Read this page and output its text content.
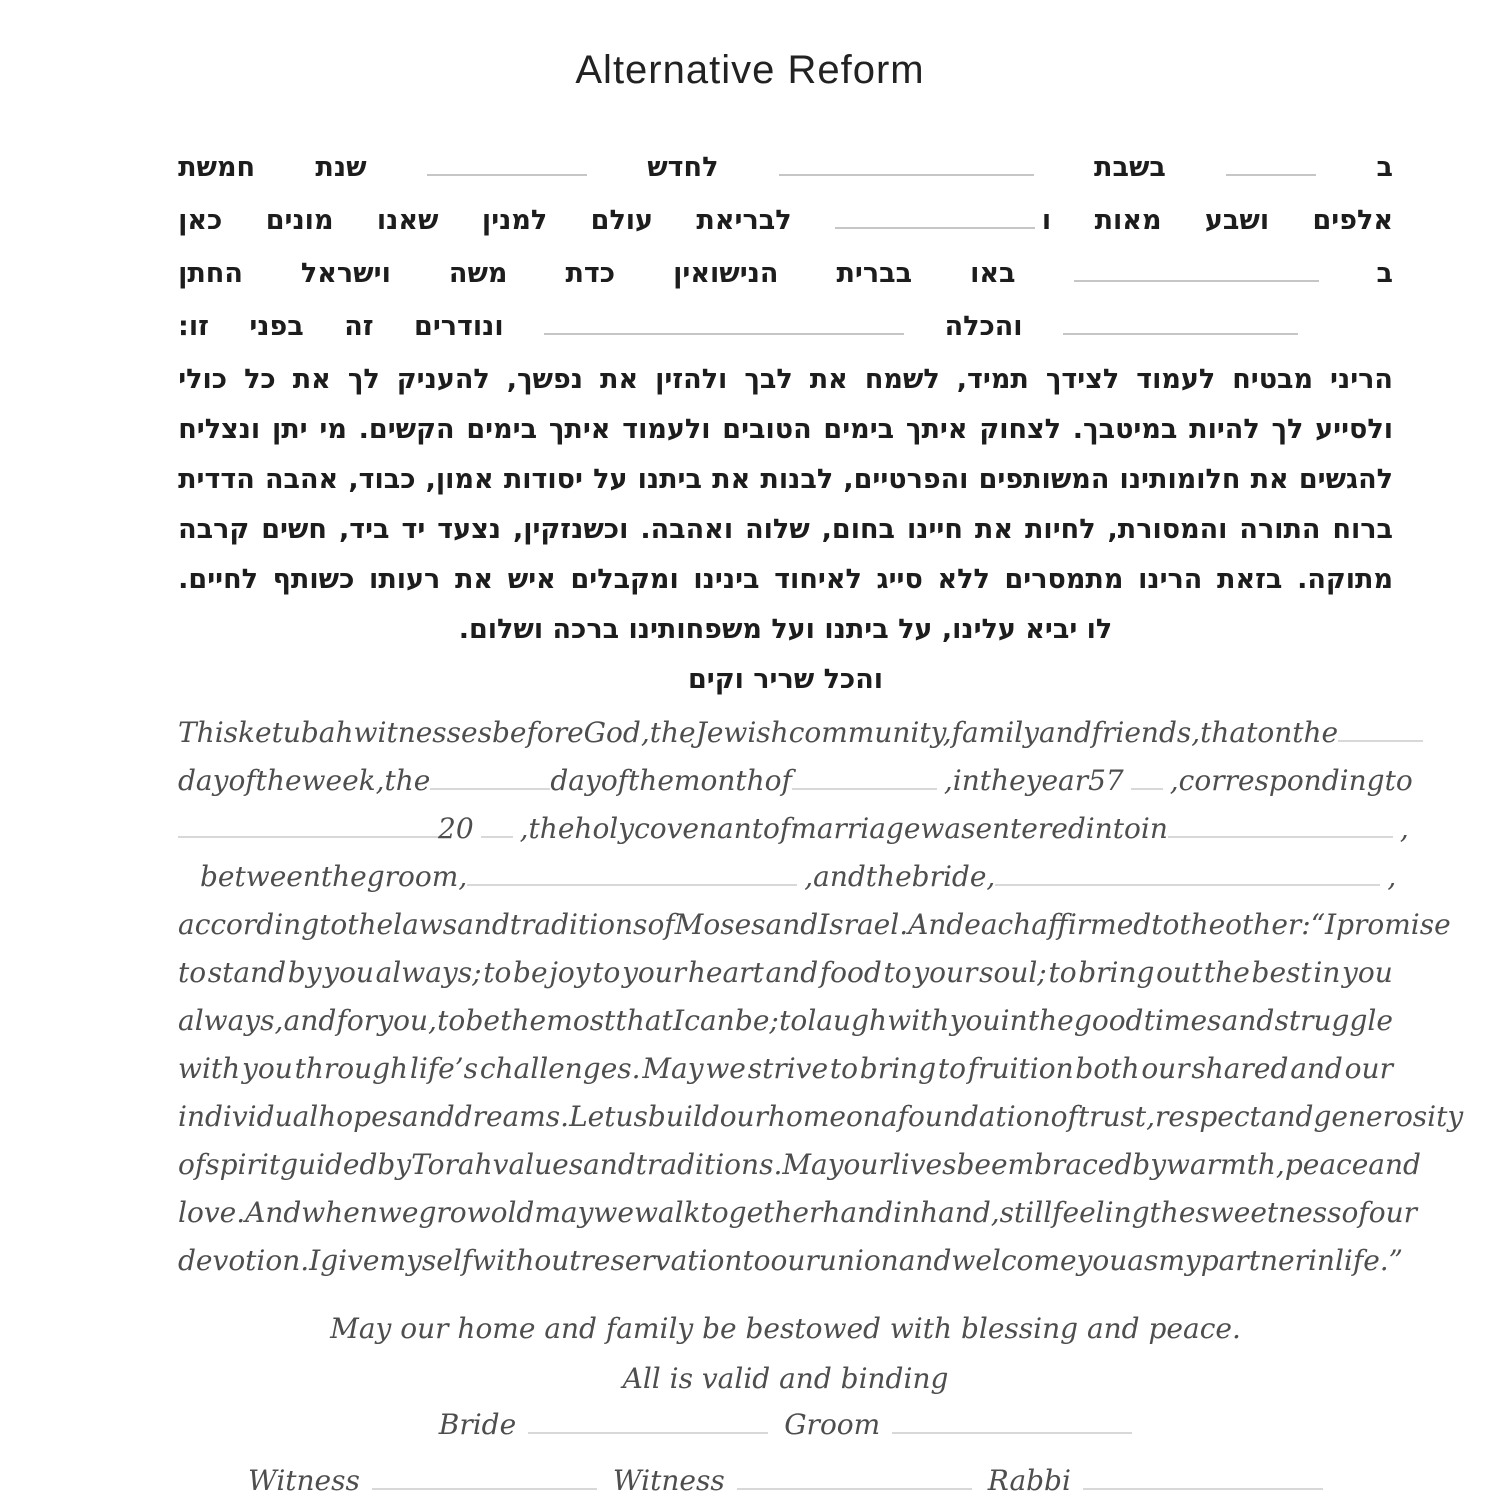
Alternative Reform
ב
בשבת
לחדש
שנת
חמשת
אלפים
ושבע
מאות
ו
לבריאת
עולם
למנין
שאנו
מונים
כאן
ב
באו
בברית
הנישואין
כדת
משה
וישראל
החתן
והכלה
ונודרים
זה
בפני
זו:
הריני
מבטיח
לעמוד
לצידך
תמיד,
לשמח
את
לבך
ולהזין
את
נפשך,
להעניק
לך
את
כל
כולי
ולסייע
לך
להיות
במיטבך.
לצחוק
איתך
בימים
הטובים
ולעמוד
איתך
בימים
הקשים.
מי
יתן
ונצליח
להגשים
את
חלומותינו
המשותפים
והפרטיים,
לבנות
את
ביתנו
על
יסודות
אמון,
כבוד,
אהבה
הדדית
ברוח
התורה
והמסורת,
לחיות
את
חיינו
בחום,
שלוה
ואהבה.
וכשנזקין,
נצעד
יד
ביד,
חשים
קרבה
מתוקה.
בזאת
הרינו
מתמסרים
ללא
סייג
לאיחוד
בינינו
ומקבלים
איש
את
רעותו
כשותף
לחיים.
לו יביא עלינו, על ביתנו ועל משפחותינו ברכה ושלום.
והכל שריר וקים
This ketubah witnesses before God, the Jewish community, family and friends, that on the
day of the week, the	day of the month of	, in the year 57 , corresponding to
20 , the holy covenant of marriage was entered into in	,
between the groom,	, and the bride,	,
according to the laws and traditions of Moses and Israel. And each affirmed to the other: “I promise
to stand by you always; to be joy to your heart and food to your soul; to bring out the best in you
always, and for you, to be the most that I can be; to laugh with you in the good times and struggle
with you through life’s challenges. May we strive to bring to fruition both our shared and our
individual hopes and dreams. Let us build our home on a foundation of trust, respect and generosity
of spirit guided by Torah values and traditions. May our lives be embraced by warmth, peace and
love. And when we grow old may we walk together hand in hand, still feeling the sweetness of our
devotion. I give myself without reservation to our union and welcome you as my partner in life.”
May our home and family be bestowed with blessing and peace.
All is valid and binding
Bride	Groom
Witness	Witness	Rabbi
